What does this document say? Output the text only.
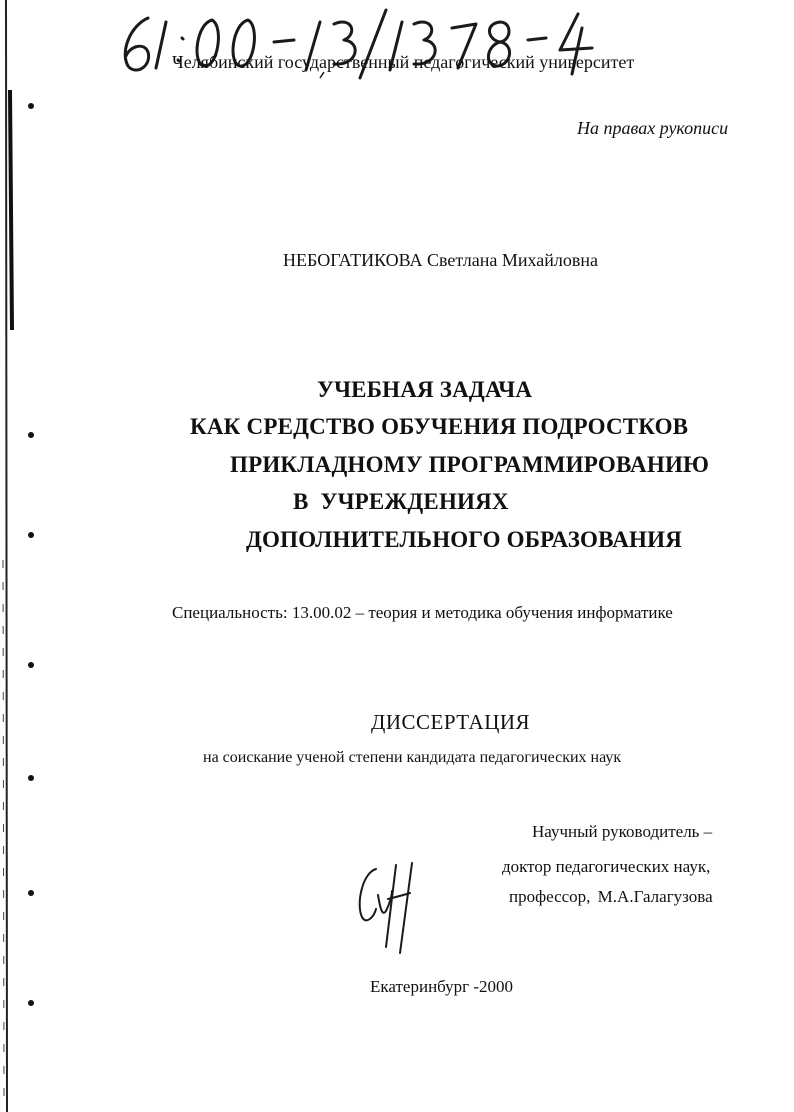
Челябинский государственный педагогический университет
На правах рукописи
НЕБОГАТИКОВА Светлана Михайловна
УЧЕБНАЯ ЗАДАЧА
КАК СРЕДСТВО ОБУЧЕНИЯ ПОДРОСТКОВ
ПРИКЛАДНОМУ ПРОГРАММИРОВАНИЮ
В УЧРЕЖДЕНИЯХ
ДОПОЛНИТЕЛЬНОГО ОБРАЗОВАНИЯ
Специальность: 13.00.02 – теория и методика обучения информатике
ДИССЕРТАЦИЯ
на соискание ученой степени кандидата педагогических наук
Научный руководитель –
доктор педагогических наук,
профессор, М.А.Галагузова
Екатеринбург -2000
